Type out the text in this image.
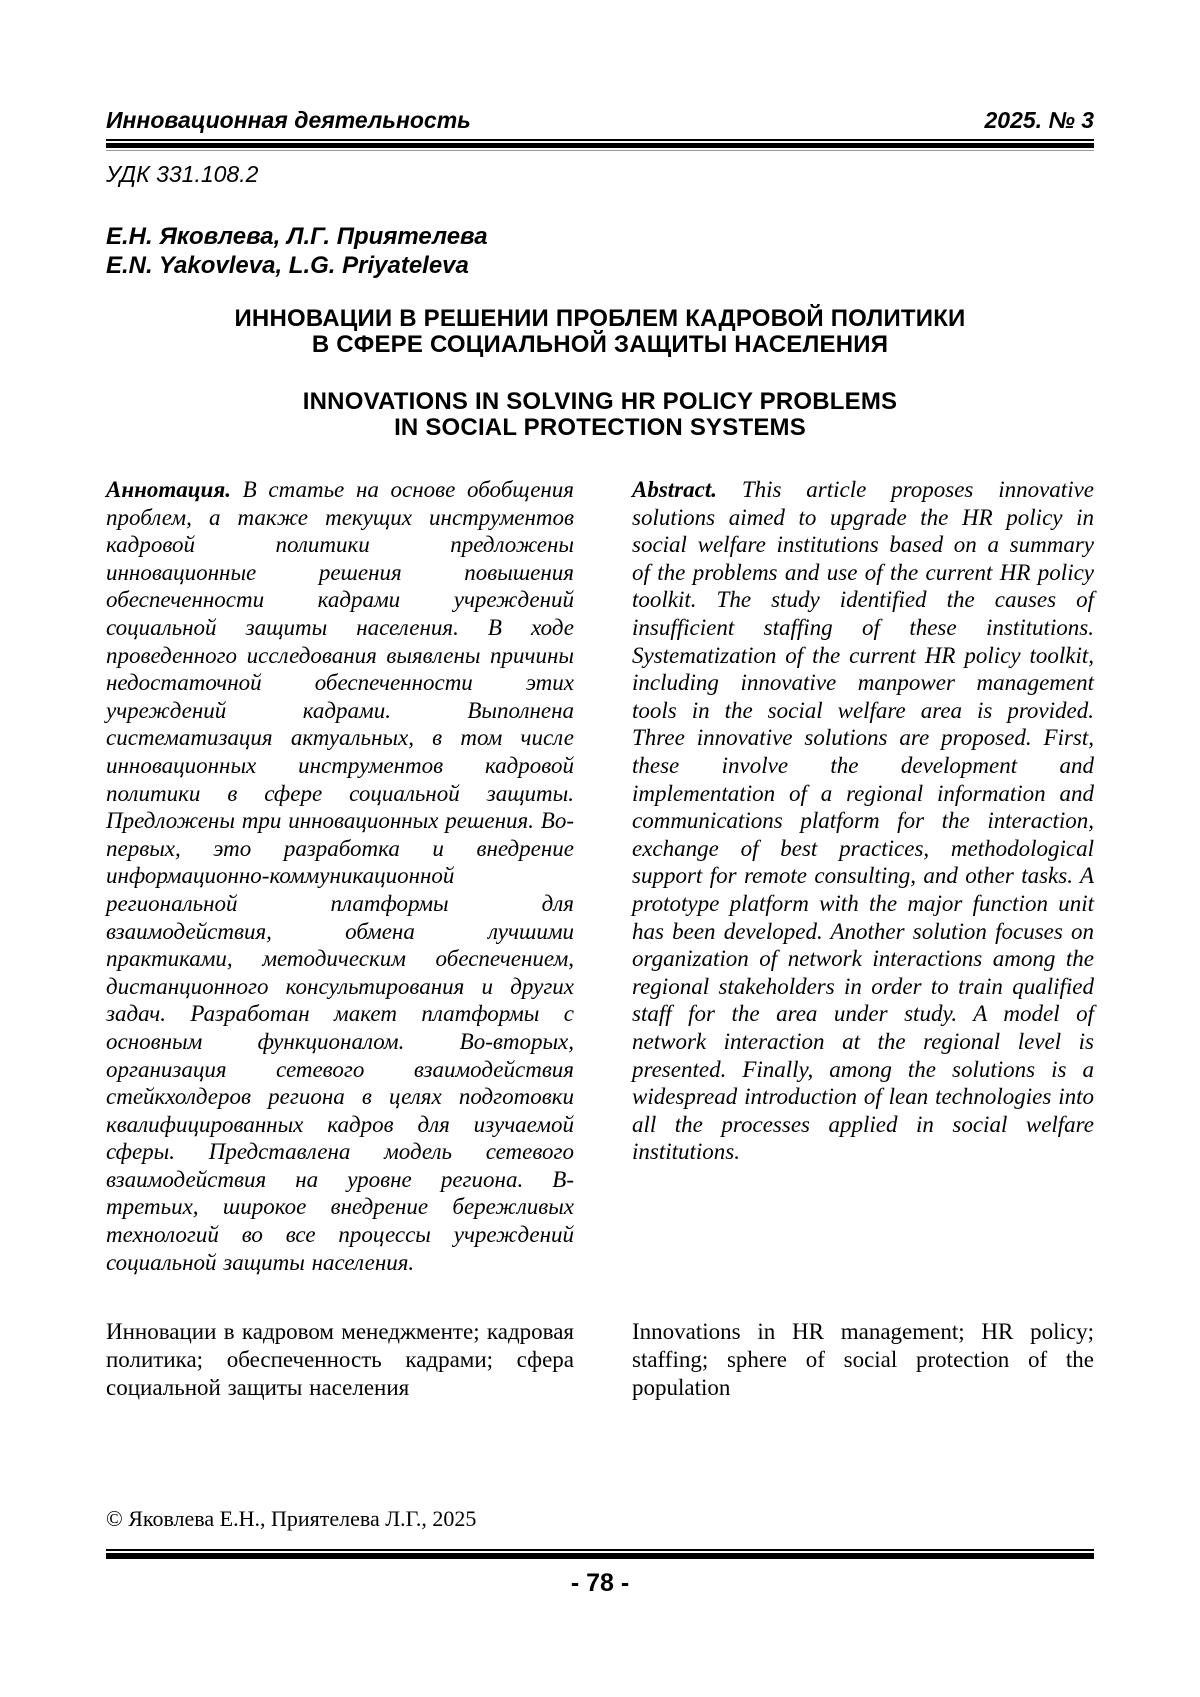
Инновационная деятельность	2025. № 3
УДК 331.108.2
Е.Н. Яковлева, Л.Г. Приятелева
E.N. Yakovleva, L.G. Priyateleva
ИННОВАЦИИ В РЕШЕНИИ ПРОБЛЕМ КАДРОВОЙ ПОЛИТИКИ
В СФЕРЕ СОЦИАЛЬНОЙ ЗАЩИТЫ НАСЕЛЕНИЯ
INNOVATIONS IN SOLVING HR POLICY PROBLEMS
IN SOCIAL PROTECTION SYSTEMS

Аннотация. В статье на основе обобщения проблем, а также текущих инструментов кадровой политики предложены инновационные решения повышения обеспеченности кадрами учреждений социальной защиты населения. В ходе проведенного исследования выявлены причины недостаточной обеспеченности этих учреждений кадрами. Выполнена систематизация актуальных, в том числе инновационных инструментов кадровой политики в сфере социальной защиты. Предложены три инновационных решения. Во-первых, это разработка и внедрение информационно-коммуникационной региональной платформы для взаимодействия, обмена лучшими практиками, методическим обеспечением, дистанционного консультирования и других задач. Разработан макет платформы с основным функционалом. Во-вторых, организация сетевого взаимодействия стейкхолдеров региона в целях подготовки квалифицированных кадров для изучаемой сферы. Представлена модель сетевого взаимодействия на уровне региона. В-третьих, широкое внедрение бережливых технологий во все процессы учреждений социальной защиты населения.

Abstract. This article proposes innovative solutions aimed to upgrade the HR policy in social welfare institutions based on a summary of the problems and use of the current HR policy toolkit. The study identified the causes of insufficient staffing of these institutions. Systematization of the current HR policy toolkit, including innovative manpower management tools in the social welfare area is provided. Three innovative solutions are proposed. First, these involve the development and implementation of a regional information and communications platform for the interaction, exchange of best practices, methodological support for remote consulting, and other tasks. A prototype platform with the major function unit has been developed. Another solution focuses on organization of network interactions among the regional stakeholders in order to train qualified staff for the area under study. A model of network interaction at the regional level is presented. Finally, among the solutions is a widespread introduction of lean technologies into all the processes applied in social welfare institutions.

Инновации в кадровом менеджменте; кадровая политика; обеспеченность кадрами; сфера социальной защиты населения

Innovations in HR management; HR policy; staffing; sphere of social protection of the population

© Яковлева Е.Н., Приятелева Л.Г., 2025
- 78 -
